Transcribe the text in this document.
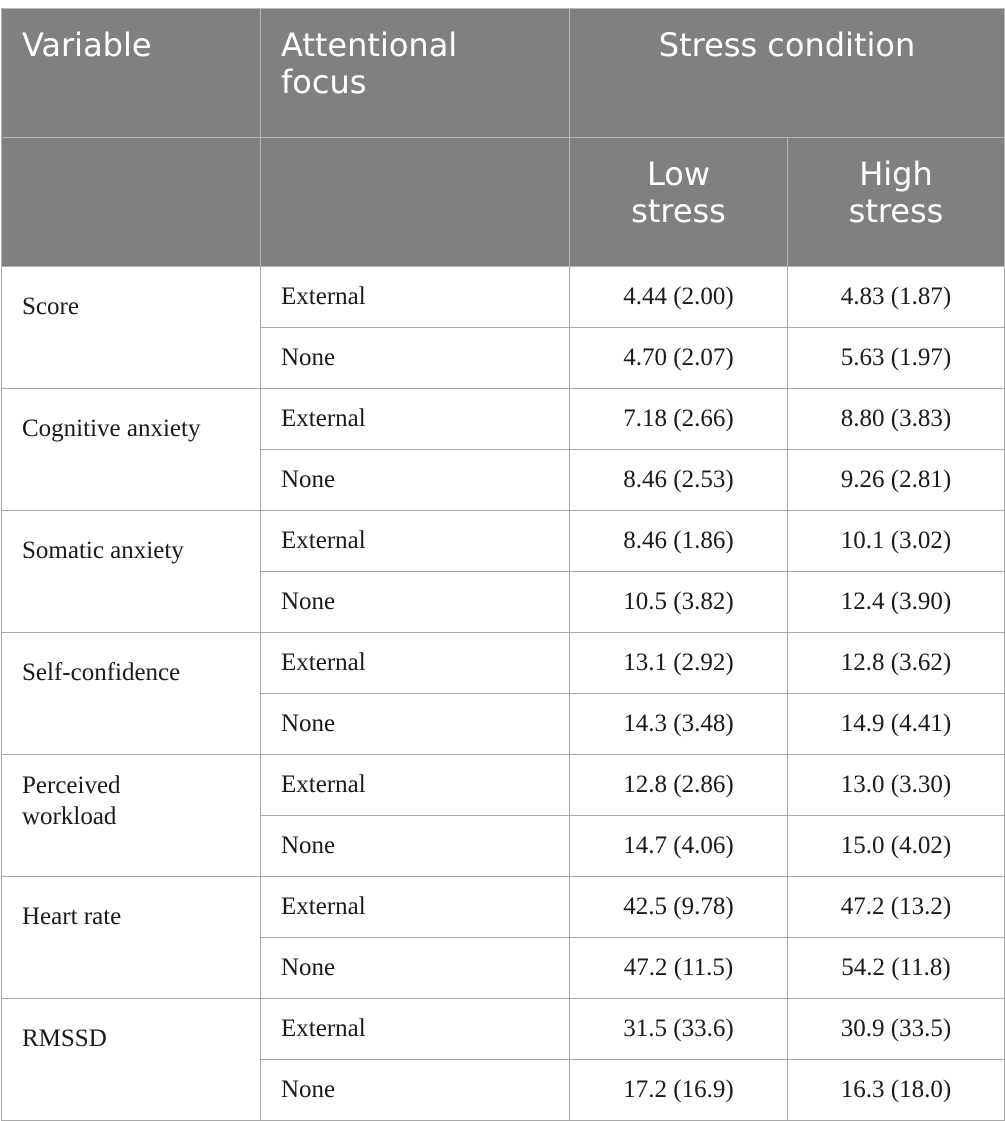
Variable	Attentional focus	Stress condition	
		Low stress	High stress
Score	External	4.44 (2.00)	4.83 (1.87)
	None	4.70 (2.07)	5.63 (1.97)
Cognitive anxiety	External	7.18 (2.66)	8.80 (3.83)
	None	8.46 (2.53)	9.26 (2.81)
Somatic anxiety	External	8.46 (1.86)	10.1 (3.02)
	None	10.5 (3.82)	12.4 (3.90)
Self-confidence	External	13.1 (2.92)	12.8 (3.62)
	None	14.3 (3.48)	14.9 (4.41)
Perceived workload	External	12.8 (2.86)	13.0 (3.30)
	None	14.7 (4.06)	15.0 (4.02)
Heart rate	External	42.5 (9.78)	47.2 (13.2)
	None	47.2 (11.5)	54.2 (11.8)
RMSSD	External	31.5 (33.6)	30.9 (33.5)
	None	17.2 (16.9)	16.3 (18.0)
